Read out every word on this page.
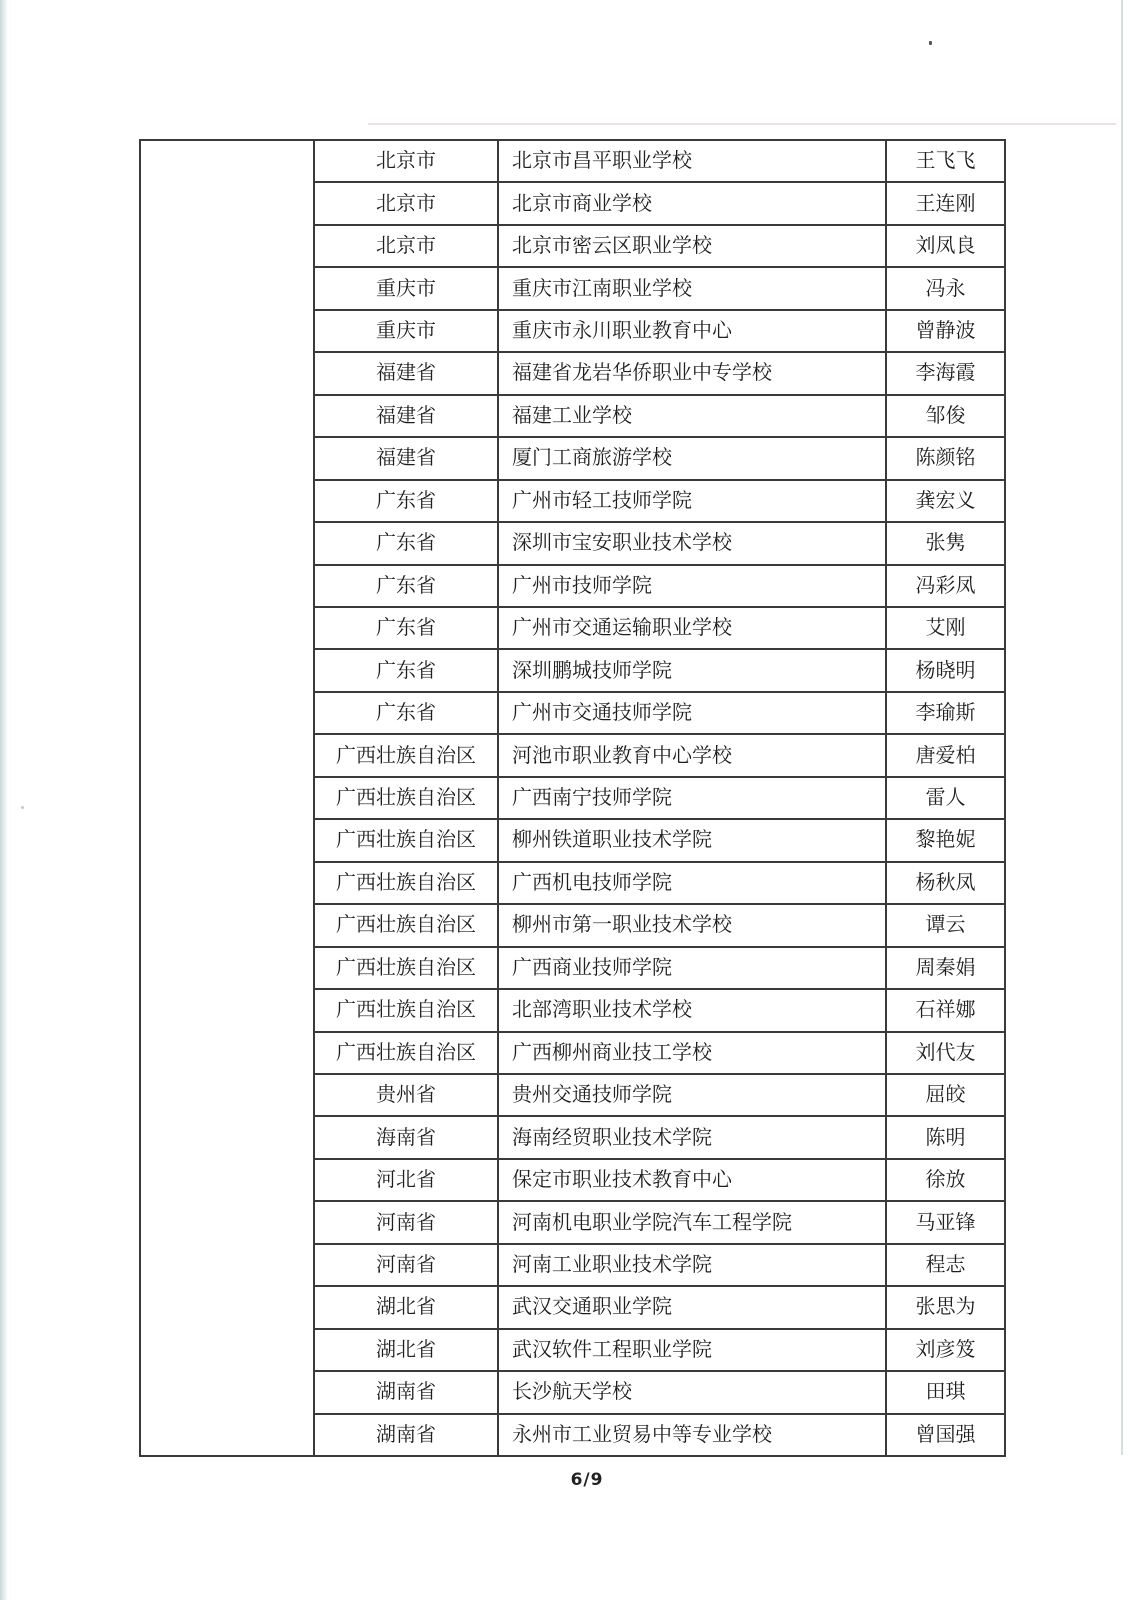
北京市	北京市昌平职业学校	王飞飞
北京市	北京市商业学校	王连刚
北京市	北京市密云区职业学校	刘凤良
重庆市	重庆市江南职业学校	冯永
重庆市	重庆市永川职业教育中心	曾静波
福建省	福建省龙岩华侨职业中专学校	李海霞
福建省	福建工业学校	邹俊
福建省	厦门工商旅游学校	陈颜铭
广东省	广州市轻工技师学院	龚宏义
广东省	深圳市宝安职业技术学校	张隽
广东省	广州市技师学院	冯彩凤
广东省	广州市交通运输职业学校	艾刚
广东省	深圳鹏城技师学院	杨晓明
广东省	广州市交通技师学院	李瑜斯
广西壮族自治区	河池市职业教育中心学校	唐爱柏
广西壮族自治区	广西南宁技师学院	雷人
广西壮族自治区	柳州铁道职业技术学院	黎艳妮
广西壮族自治区	广西机电技师学院	杨秋凤
广西壮族自治区	柳州市第一职业技术学校	谭云
广西壮族自治区	广西商业技师学院	周秦娟
广西壮族自治区	北部湾职业技术学校	石祥娜
广西壮族自治区	广西柳州商业技工学校	刘代友
贵州省	贵州交通技师学院	屈皎
海南省	海南经贸职业技术学院	陈明
河北省	保定市职业技术教育中心	徐放
河南省	河南机电职业学院汽车工程学院	马亚锋
河南省	河南工业职业技术学院	程志
湖北省	武汉交通职业学院	张思为
湖北省	武汉软件工程职业学院	刘彦笈
湖南省	长沙航天学校	田琪
湖南省	永州市工业贸易中等专业学校	曾国强
6/9
